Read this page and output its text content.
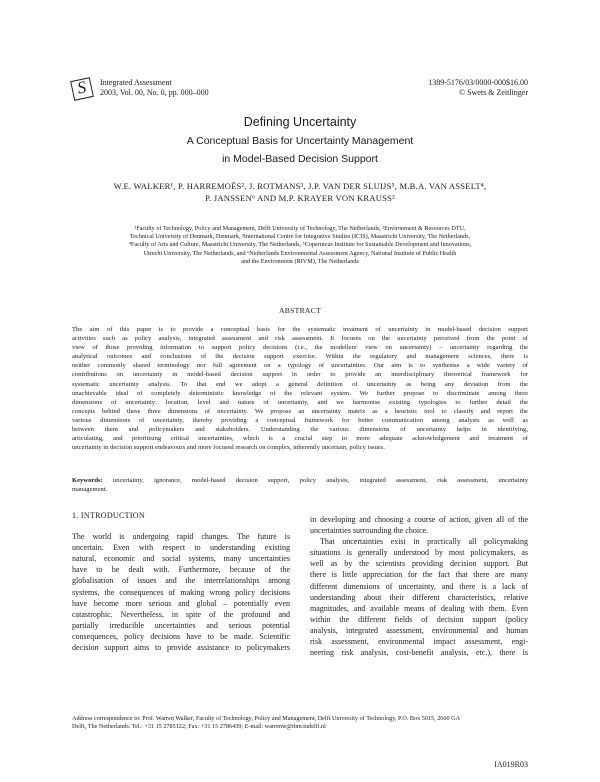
S	Integrated Assessment
2003, Vol. 00, No. 0, pp. 000–000
1389-5176/03/0000-000$16.00
© Swets & Zeitlinger
Defining Uncertainty
A Conceptual Basis for Uncertainty Management
in Model-Based Decision Support
W.E. WALKER¹, P. HARREMOËS², J. ROTMANS³, J.P. VAN DER SLUIJS⁵, M.B.A. VAN ASSELT⁴,
P. JANSSEN⁶ AND M.P. KRAYER VON KRAUSS²
¹Faculty of Technology, Policy and Management, Delft University of Technology, The Netherlands, ²Environment & Resources DTU,
Technical University of Denmark, Denmark, ³International Centre for Integrative Studies (ICIS), Maastricht University, The Netherlands,
⁴Faculty of Arts and Culture, Maastricht University, The Netherlands, ⁵Copernicus Institute for Sustainable Development and Innovations,
Utrecht University, The Netherlands, and ⁶Netherlands Environmental Assessment Agency, National Institute of Public Health
and the Environment (RIVM), The Netherlands
ABSTRACT
The aim of this paper is to provide a conceptual basis for the systematic treatment of uncertainty in model-based decision support
activities such as policy analysis, integrated assessment and risk assessment. It focuses on the uncertainty perceived from the point of
view of those providing information to support policy decisions (i.e., the modellers' view on uncertainty) – uncertainty regarding the
analytical outcomes and conclusions of the decision support exercise. Within the regulatory and management sciences, there is
neither commonly shared terminology nor full agreement on a typology of uncertainties. Our aim is to synthesise a wide variety of
contributions on uncertainty in model-based decision support in order to provide an interdisciplinary theoretical framework for
systematic uncertainty analysis. To that end we adopt a general definition of uncertainty as being any deviation from the
unachievable ideal of completely deterministic knowledge of the relevant system. We further propose to discriminate among three
dimensions of uncertainty: location, level and nature of uncertainty, and we harmonise existing typologies to further detail the
concepts behind these three dimensions of uncertainty. We propose an uncertainty matrix as a heuristic tool to classify and report the
various dimensions of uncertainty, thereby providing a conceptual framework for better communication among analysts as well as
between them and policymakers and stakeholders. Understanding the various dimensions of uncertainty helps in identifying,
articulating, and prioritising critical uncertainties, which is a crucial step to more adequate acknowledgement and treatment of
uncertainty in decision support endeavours and more focused research on complex, inherently uncertain, policy issues.
Keywords: uncertainty, ignorance, model-based decision support, policy analysis, integrated assessment, risk assessment, uncertainty
management.
1. INTRODUCTION
The world is undergoing rapid changes. The future is
uncertain. Even with respect to understanding existing
natural, economic and social systems, many uncertainties
have to be dealt with. Furthermore, because of the
globalisation of issues and the interrelationships among
systems, the consequences of making wrong policy decisions
have become more serious and global – potentially even
catastrophic. Nevertheless, in spite of the profound and
partially irreducible uncertainties and serious potential
consequences, policy decisions have to be made. Scientific
decision support aims to provide assistance to policymakers
in developing and choosing a course of action, given all of the
uncertainties surrounding the choice.
That uncertainties exist in practically all policymaking
situations is generally understood by most policymakers, as
well as by the scientists providing decision support. But
there is little appreciation for the fact that there are many
different dimensions of uncertainty, and there is a lack of
understanding about their different characteristics, relative
magnitudes, and available means of dealing with them. Even
within the different fields of decision support (policy
analysis, integrated assessment, environmental and human
risk assessment, environmental impact assessment, engi-
neering risk analysis, cost-benefit analysis, etc.), there is
Address correspondence to: Prof. Warren Walker, Faculty of Technology, Policy and Management, Delft University of Technology, P.O. Box 5015, 2600 GA
Delft, The Netherlands. Tel.: +31 15 2785122; Fax: +31 15 2786439; E-mail: warrenw@tbm.tudelft.nl
IA019R03
